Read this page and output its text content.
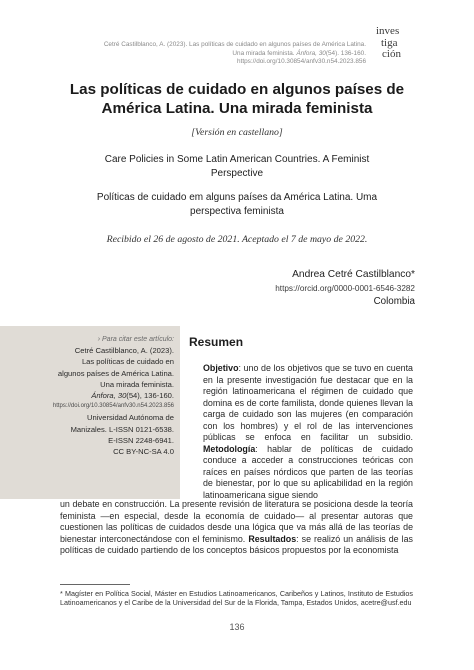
Cetré Castilblanco, A. (2023). Las políticas de cuidado en algunos países de América Latina.
Una mirada feminista. Ánfora, 30(54). 136-160.
https://doi.org/10.30854/anfv30.n54.2023.856
inves
tiga
ción
Las políticas de cuidado en algunos países de
América Latina. Una mirada feminista
[Versión en castellano]
Care Policies in Some Latin American Countries. A Feminist
Perspective
Políticas de cuidado em alguns países da América Latina. Uma
perspectiva feminista
Recibido el 26 de agosto de 2021. Aceptado el 7 de mayo de 2022.
Andrea Cetré Castilblanco*
https://orcid.org/0000-0001-6546-3282
Colombia
› Para citar este artículo:
Cetré Castilblanco, A. (2023).
Las políticas de cuidado en
algunos países de América Latina.
Una mirada feminista.
Ánfora, 30(54), 136-160.
https://doi.org/10.30854/anfv30.n54.2023.856
Universidad Autónoma de
Manizales. L-ISSN 0121-6538.
E-ISSN 2248-6941.
CC BY-NC-SA 4.0
Resumen

Objetivo: uno de los objetivos que se tuvo en cuenta en la presente investigación fue destacar que en la región latinoamericana el régimen de cuidado que domina es de corte familista, donde quienes llevan la carga de cuidado son las mujeres (en comparación con los hombres) y el rol de las intervenciones públicas se enfoca en facilitar un subsidio. Metodología: hablar de políticas de cuidado conduce a acceder a construcciones teóricas con raíces en países nórdicos que parten de las teorías de bienestar, por lo que su aplicabilidad en la región latinoamericana sigue siendo

un debate en construcción. La presente revisión de literatura se posiciona desde la teoría feminista —en especial, desde la economía de cuidado— al presentar autoras que cuestionen las políticas de cuidados desde una lógica que va más allá de las teorías de bienestar interconectándose con el feminismo. Resultados: se realizó un análisis de las políticas de cuidado partiendo de los conceptos básicos propuestos por la economista

* Magíster en Política Social, Máster en Estudios Latinoamericanos, Caribeños y Latinos, Instituto de Estudios Latinoamericanos y el Caribe de la Universidad del Sur de la Florida, Tampa, Estados Unidos, acetre@usf.edu
136
